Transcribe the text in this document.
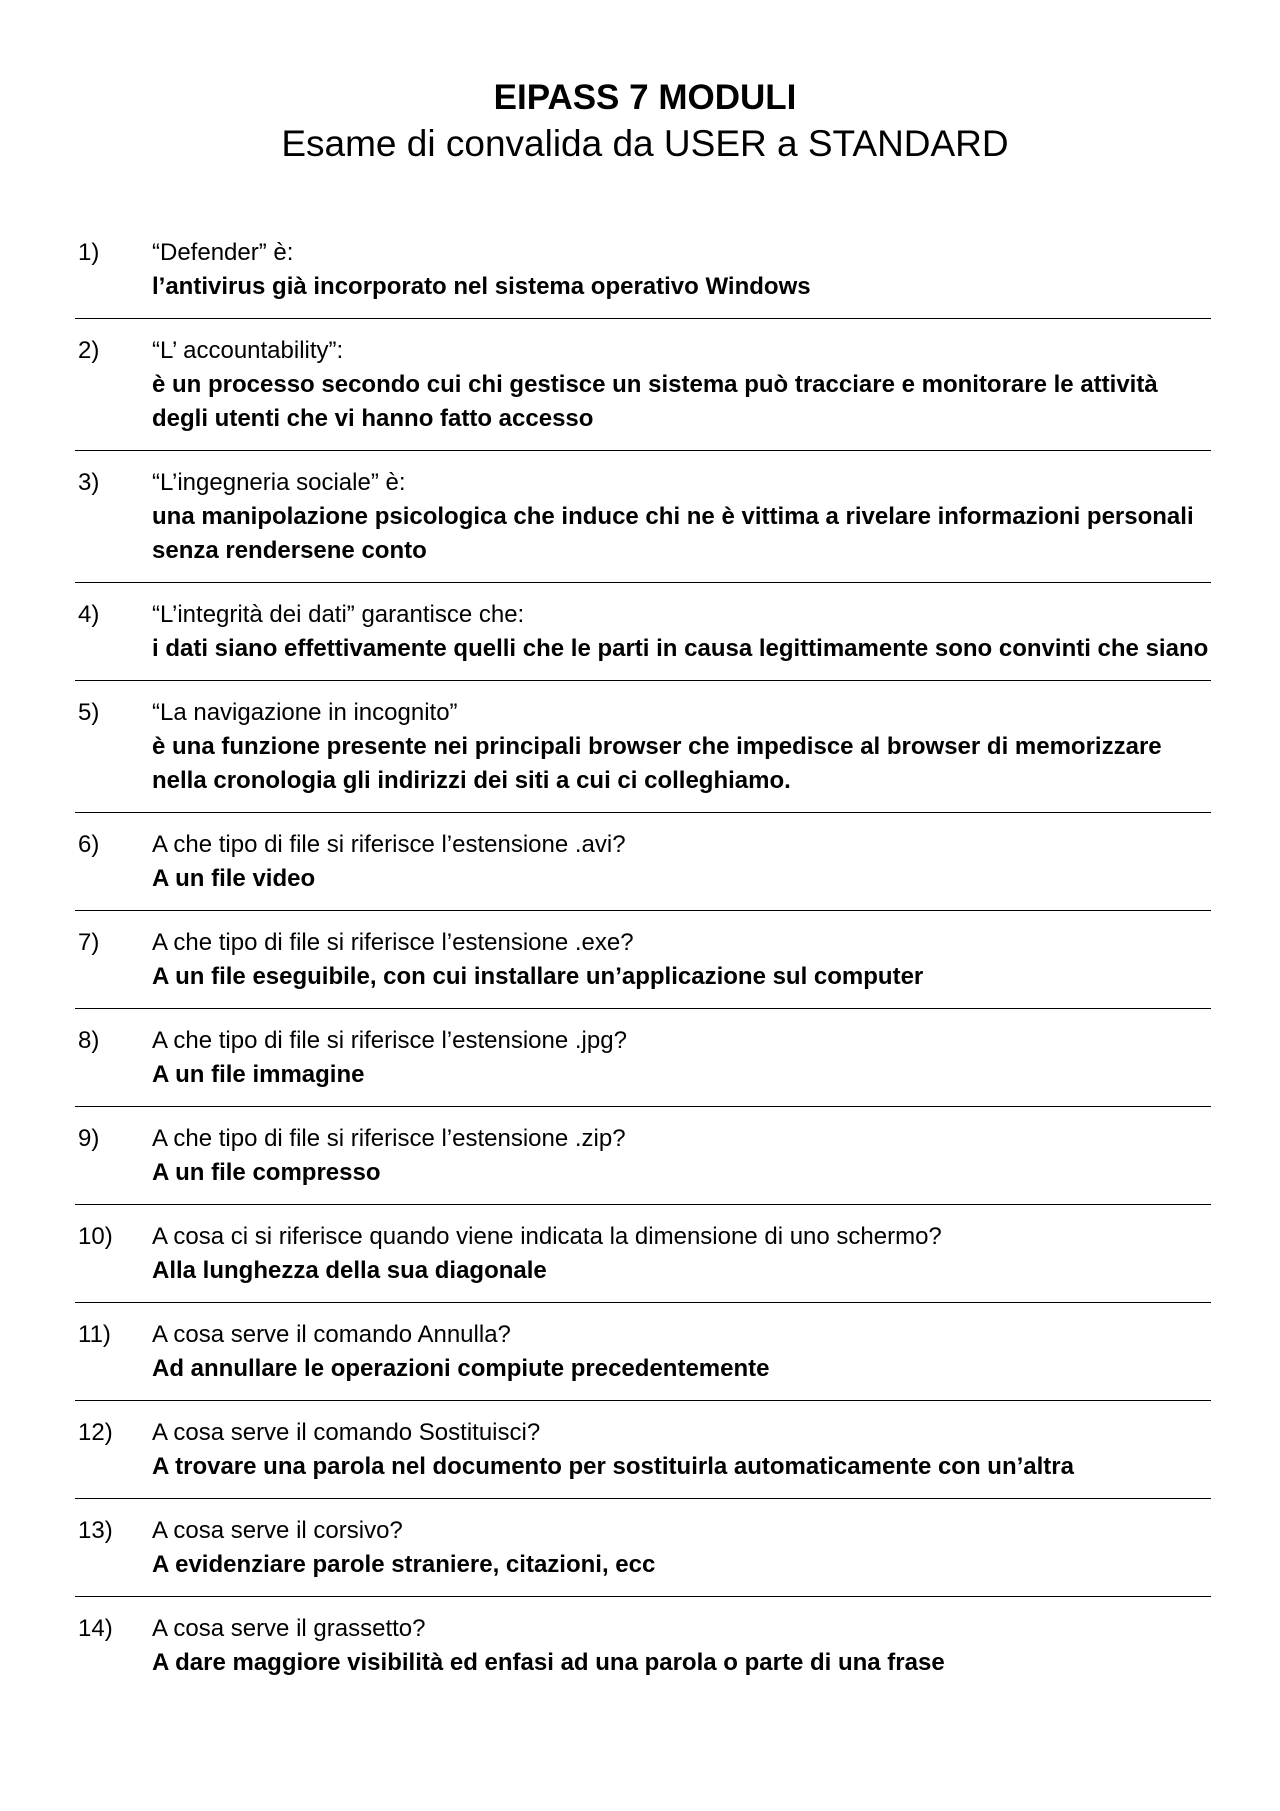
EIPASS 7 MODULI
Esame di convalida da USER a STANDARD
1) “Defender” è:

l’antivirus già incorporato nel sistema operativo Windows

2) “L’ accountability”:

è un processo secondo cui chi gestisce un sistema può tracciare e monitorare le attività degli utenti che vi hanno fatto accesso

3) “L’ingegneria sociale” è:

una manipolazione psicologica che induce chi ne è vittima a rivelare informazioni personali senza rendersene conto

4) “L’integrità dei dati” garantisce che:

i dati siano effettivamente quelli che le parti in causa legittimamente sono convinti che siano

5) “La navigazione in incognito”

è una funzione presente nei principali browser che impedisce al browser di memorizzare nella cronologia gli indirizzi dei siti a cui ci colleghiamo.

6) A che tipo di file si riferisce l’estensione .avi?

A un file video

7) A che tipo di file si riferisce l’estensione .exe?

A un file eseguibile, con cui installare un’applicazione sul computer

8) A che tipo di file si riferisce l’estensione .jpg?

A un file immagine

9) A che tipo di file si riferisce l’estensione .zip?

A un file compresso

10) A cosa ci si riferisce quando viene indicata la dimensione di uno schermo?

Alla lunghezza della sua diagonale

11) A cosa serve il comando Annulla?

Ad annullare le operazioni compiute precedentemente

12) A cosa serve il comando Sostituisci?

A trovare una parola nel documento per sostituirla automaticamente con un’altra

13) A cosa serve il corsivo?

A evidenziare parole straniere, citazioni, ecc

14) A cosa serve il grassetto?

A dare maggiore visibilità ed enfasi ad una parola o parte di una frase
